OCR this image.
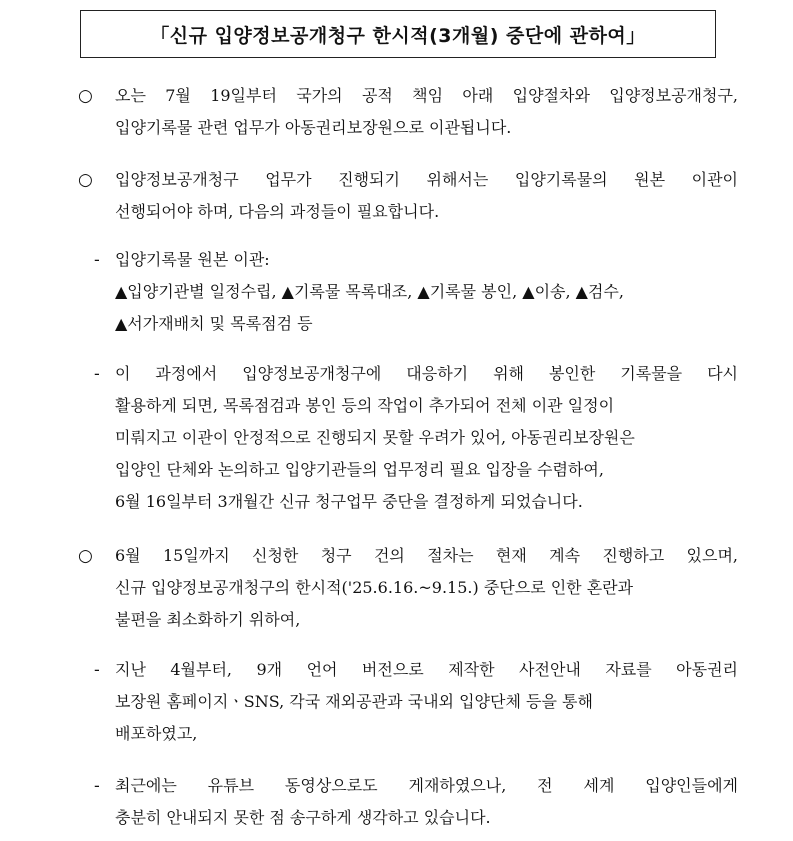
「신규 입양정보공개청구 한시적(3개월) 중단에 관하여」
○	오는 7월 19일부터 국가의 공적 책임 아래 입양절차와 입양정보공개청구,
입양기록물 관련 업무가 아동권리보장원으로 이관됩니다.
○	입양정보공개청구 업무가 진행되기 위해서는 입양기록물의 원본 이관이
선행되어야 하며, 다음의 과정들이 필요합니다.
- 입양기록물 원본 이관:
▲입양기관별 일정수립, ▲기록물 목록대조, ▲기록물 봉인, ▲이송, ▲검수,
▲서가재배치 및 목록점검 등
- 이 과정에서 입양정보공개청구에 대응하기 위해 봉인한 기록물을 다시
활용하게 되면, 목록점검과 봉인 등의 작업이 추가되어 전체 이관 일정이
미뤄지고 이관이 안정적으로 진행되지 못할 우려가 있어, 아동권리보장원은
입양인 단체와 논의하고 입양기관들의 업무정리 필요 입장을 수렴하여,
6월 16일부터 3개월간 신규 청구업무 중단을 결정하게 되었습니다.
○	6월 15일까지 신청한 청구 건의 절차는 현재 계속 진행하고 있으며,
신규 입양정보공개청구의 한시적('25.6.16.~9.15.) 중단으로 인한 혼란과
불편을 최소화하기 위하여,
- 지난 4월부터, 9개 언어 버전으로 제작한 사전안내 자료를 아동권리
보장원 홈페이지ㆍSNS, 각국 재외공관과 국내외 입양단체 등을 통해
배포하였고,
- 최근에는 유튜브 동영상으로도 게재하였으나, 전 세계 입양인들에게
충분히 안내되지 못한 점 송구하게 생각하고 있습니다.
